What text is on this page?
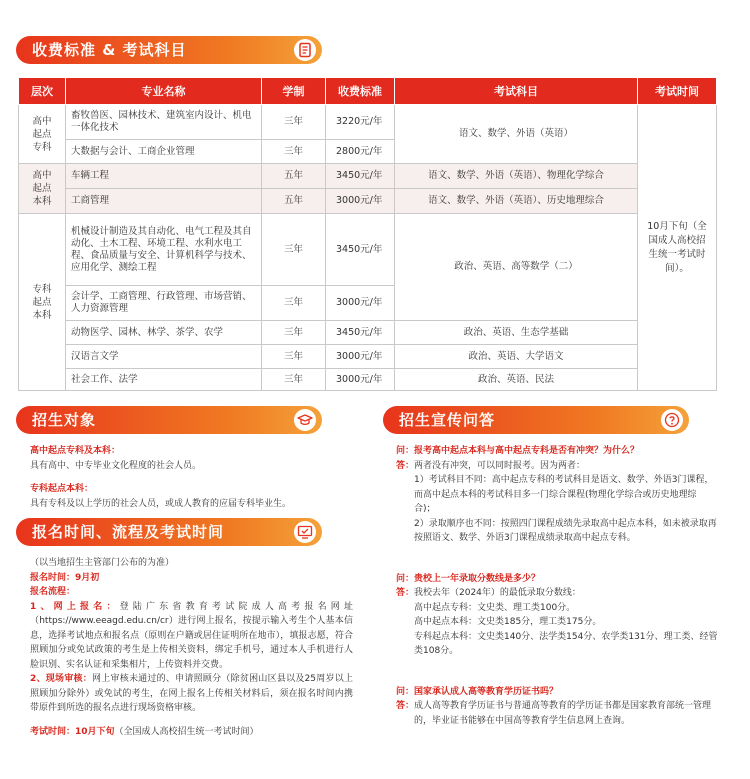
收费标准 & 考试科目
层次	专业名称	学制	收费标准	考试科目	考试时间
高中起点专科	畜牧兽医、园林技术、建筑室内设计、机电一体化技术	三年	3220元/年	语文、数学、外语（英语）	10月下旬（全国成人高校招生统一考试时间）。
	大数据与会计、工商企业管理	三年	2800元/年		
高中起点本科	车辆工程	五年	3450元/年	语文、数学、外语（英语）、物理化学综合	
	工商管理	五年	3000元/年	语文、数学、外语（英语）、历史地理综合	
专科起点本科	机械设计制造及其自动化、电气工程及其自动化、土木工程、环境工程、水利水电工程、食品质量与安全、计算机科学与技术、应用化学、测绘工程	三年	3450元/年	政治、英语、高等数学（二）	
	会计学、工商管理、行政管理、市场营销、人力资源管理	三年	3000元/年		
	动物医学、园林、林学、茶学、农学	三年	3450元/年	政治、英语、生态学基础	
	汉语言文学	三年	3000元/年	政治、英语、大学语文	
	社会工作、法学	三年	3000元/年	政治、英语、民法	
招生对象

高中起点专科及本科：

具有高中、中专毕业文化程度的社会人员。

专科起点本科：

具有专科及以上学历的社会人员，或成人教育的应届专科毕业生。

报名时间、流程及考试时间

（以当地招生主管部门公布的为准）

报名时间：9月初

报名流程：

1、网上报名：登陆广东省教育考试院成人高考报名网址（https://www.eeagd.edu.cn/cr）进行网上报名，按提示输入考生个人基本信息，选择考试地点和报名点（原则在户籍或居住证明所在地市），填报志愿，符合照顾加分或免试政策的考生是上传相关资料，绑定手机号，通过本人手机进行人脸识别、实名认证和采集相片，上传资料并交费。

2、现场审核：网上审核未通过的、申请照顾分（除贫困山区县以及25周岁以上照顾加分除外）或免试的考生，在网上报名上传相关材料后，须在报名时间内携带原件到所选的报名点进行现场资格审核。

考试时间：10月下旬（全国成人高校招生统一考试时间）

招生宣传问答

问：报考高中起点本科与高中起点专科是否有冲突？为什么？

答： 两者没有冲突，可以同时报考。因为两者：

1）考试科目不同：高中起点专科的考试科目是语文、数学、外语3门课程，而高中起点本科的考试科目多一门综合课程(物理化学综合或历史地理综合)；

2）录取顺序也不同：按照四门课程成绩先录取高中起点本科，如未被录取再按照语文、数学、外语3门课程成绩录取高中起点专科。

问：贵校上一年录取分数线是多少？

答： 我校去年（2024年）的最低录取分数线：

高中起点专科：文史类、理工类100分。

高中起点本科：文史类185分，理工类175分。

专科起点本科：文史类140分、法学类154分、农学类131分、理工类、经管类108分。

问：国家承认成人高等教育学历证书吗？

答： 成人高等教育学历证书与普通高等教育的学历证书都是国家教育部统一管理的，毕业证书能够在中国高等教育学生信息网上查询。
